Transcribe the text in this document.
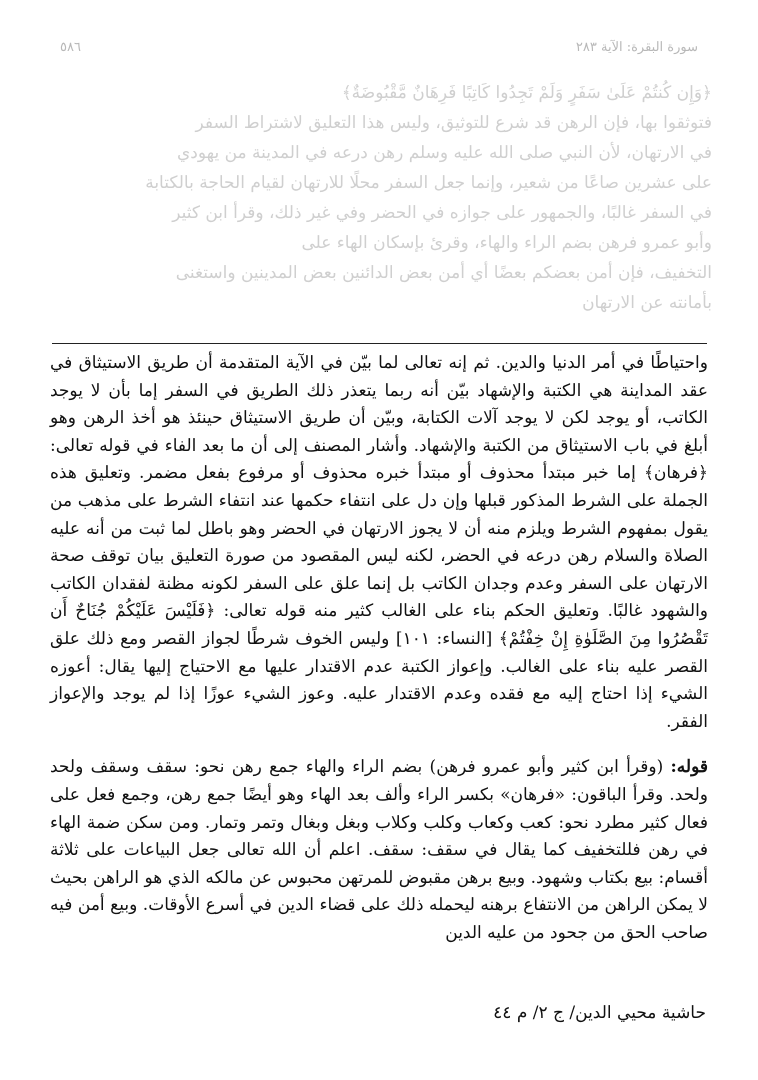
٥٨٦	سورة البقرة: الآية ٢٨٣

﴿وَإِن كُنتُمْ عَلَىٰ سَفَرٍ وَلَمْ تَجِدُوا كَاتِبًا فَرِهَانٌ مَّقْبُوضَةٌ﴾

فتوثقوا بها، فإن الرهن قد شرع للتوثيق، وليس هذا التعليق لاشتراط السفر

في الارتهان، لأن النبي صلى الله عليه وسلم رهن درعه في المدينة من يهودي

على عشرين صاعًا من شعير، وإنما جعل السفر محلًا للارتهان لقيام الحاجة بالكتابة

في السفر غالبًا، والجمهور على جوازه في الحضر وفي غير ذلك، وقرأ ابن كثير

وأبو عمرو فرهن بضم الراء والهاء، وقرئ بإسكان الهاء على

التخفيف، فإن أمن بعضكم بعضًا أي أمن بعض الدائنين بعض المدينين واستغنى

بأمانته عن الارتهان

واحتياطًا في أمر الدنيا والدين. ثم إنه تعالى لما بيّن في الآية المتقدمة أن طريق الاستيثاق في عقد المداينة هي الكتبة والإشهاد بيّن أنه ربما يتعذر ذلك الطريق في السفر إما بأن لا يوجد الكاتب، أو يوجد لكن لا يوجد آلات الكتابة، وبيّن أن طريق الاستيثاق حينئذ هو أخذ الرهن وهو أبلغ في باب الاستيثاق من الكتبة والإشهاد. وأشار المصنف إلى أن ما بعد الفاء في قوله تعالى: ﴿فرهان﴾ إما خبر مبتدأ محذوف أو مبتدأ خبره محذوف أو مرفوع بفعل مضمر. وتعليق هذه الجملة على الشرط المذكور قبلها وإن دل على انتفاء حكمها عند انتفاء الشرط على مذهب من يقول بمفهوم الشرط ويلزم منه أن لا يجوز الارتهان في الحضر وهو باطل لما ثبت من أنه عليه الصلاة والسلام رهن درعه في الحضر، لكنه ليس المقصود من صورة التعليق بيان توقف صحة الارتهان على السفر وعدم وجدان الكاتب بل إنما علق على السفر لكونه مظنة لفقدان الكاتب والشهود غالبًا. وتعليق الحكم بناء على الغالب كثير منه قوله تعالى: ﴿فَلَيْسَ عَلَيْكُمْ جُنَاحٌ أَن تَقْصُرُوا مِنَ الصَّلَوٰةِ إِنْ خِفْتُمْ﴾ [النساء: ١٠١] وليس الخوف شرطًا لجواز القصر ومع ذلك علق القصر عليه بناء على الغالب. وإعواز الكتبة عدم الاقتدار عليها مع الاحتياج إليها يقال: أعوزه الشيء إذا احتاج إليه مع فقده وعدم الاقتدار عليه. وعوز الشيء عوزًا إذا لم يوجد والإعواز الفقر.

قوله: (وقرأ ابن كثير وأبو عمرو فرهن) بضم الراء والهاء جمع رهن نحو: سقف وسقف ولحد ولحد. وقرأ الباقون: «فرهان» بكسر الراء وألف بعد الهاء وهو أيضًا جمع رهن، وجمع فعل على فعال كثير مطرد نحو: كعب وكعاب وكلب وكلاب وبغل وبغال وتمر وتمار. ومن سكن ضمة الهاء في رهن فللتخفيف كما يقال في سقف: سقف. اعلم أن الله تعالى جعل البياعات على ثلاثة أقسام: بيع بكتاب وشهود. وبيع برهن مقبوض للمرتهن محبوس عن مالكه الذي هو الراهن بحيث لا يمكن الراهن من الانتفاع برهنه ليحمله ذلك على قضاء الدين في أسرع الأوقات. وبيع أمن فيه صاحب الحق من جحود من عليه الدين

حاشية محيي الدين/ ج ٢/ م ٤٤
